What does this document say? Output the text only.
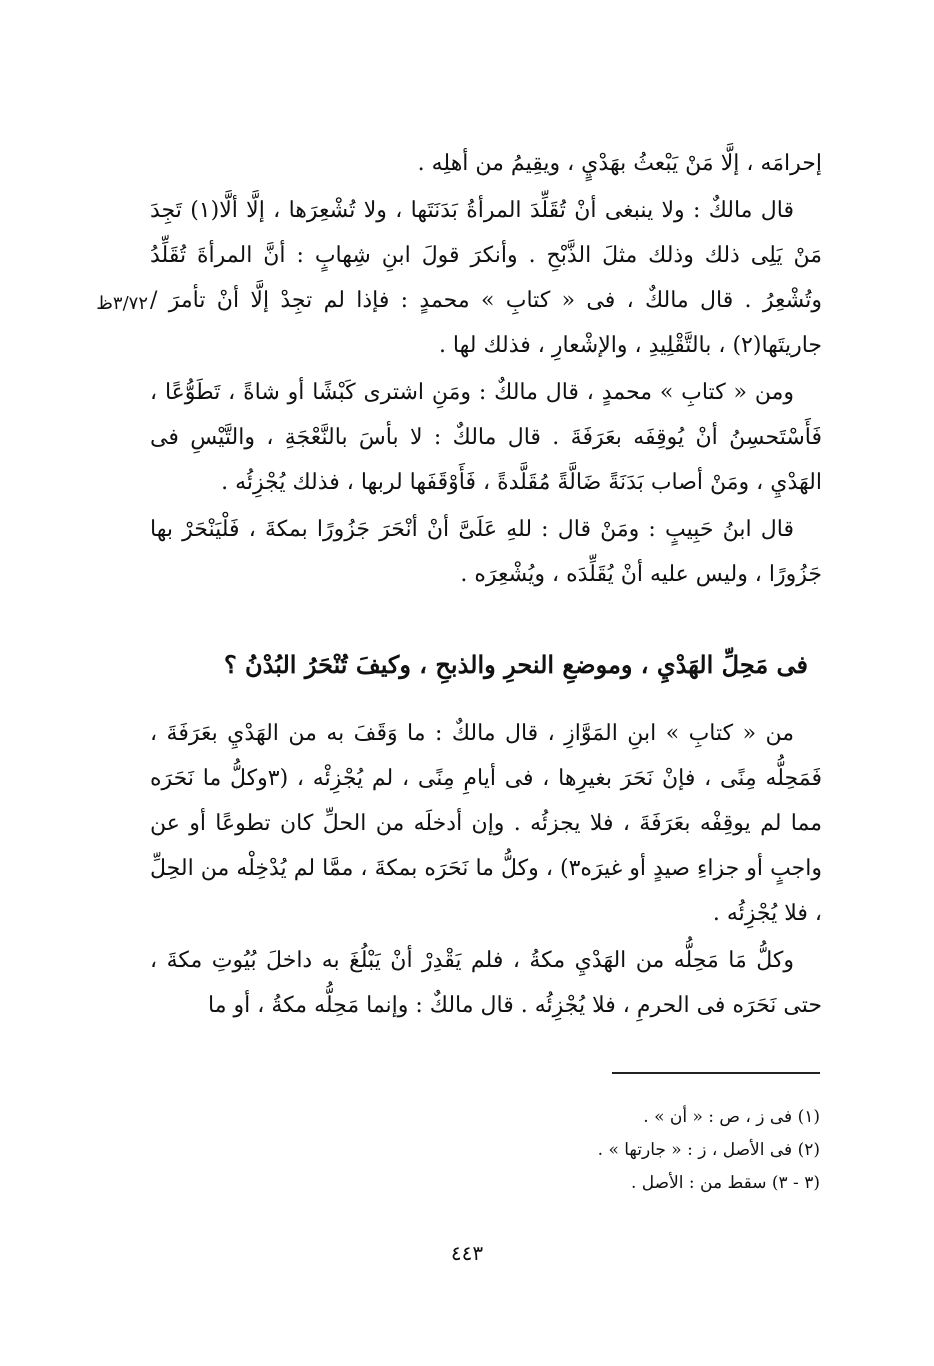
٣/٧٢ظ

إحرامَه ، إلَّا مَنْ يَبْعثُ بهَدْيٍ ، ويقِيمُ من أهلِه .

قال مالكٌ : ولا ينبغى أنْ تُقَلِّدَ المرأةُ بَدَنَتَها ، ولا تُشْعِرَها ، إلَّا ألَّا(١) تَجِدَ مَنْ يَلِى ذلك وذلك مثلَ الذَّبْحِ . وأنكرَ قولَ ابنِ شِهابٍ : أنَّ المرأةَ تُقَلِّدُ وتُشْعِرُ . قال مالكٌ ، فى « كتابِ » محمدٍ : فإذا لم تجِدْ إلَّا أنْ تأمرَ / جاريتَها(٢) ، بالتَّقْلِيدِ ، والإشْعارِ ، فذلك لها .

ومن « كتابِ » محمدٍ ، قال مالكٌ : ومَنِ اشترى كَبْشًا أو شاةً ، تَطَوُّعًا ، فَأَسْتَحسِنُ أنْ يُوقِفَه بعَرَفَةَ . قال مالكٌ : لا بأسَ بالنَّعْجَةِ ، والتَّيْسِ فى الهَدْيِ ، ومَنْ أصاب بَدَنَةً ضَالَّةً مُقَلَّدةً ، فَأَوْقَفَها لربها ، فذلك يُجْزِئُه .

قال ابنُ حَبِيبٍ : ومَنْ قال : للهِ عَلَىَّ أنْ أنْحَرَ جَزُورًا بمكةَ ، فَلْيَنْحَرْ بها جَزُورًا ، وليس عليه أنْ يُقَلِّدَه ، ويُشْعِرَه .

فى مَحِلِّ الهَدْيِ ، وموضعِ النحرِ والذبحِ ، وكيفَ تُنْحَرُ البُدْنُ ؟

من « كتابِ » ابنِ المَوَّازِ ، قال مالكٌ : ما وَقَفَ به من الهَدْيِ بعَرَفَةَ ، فَمَحِلُّه مِنًى ، فإنْ نَحَرَ بغيرِها ، فى أيامِ مِنًى ، لم يُجْزِئْه ، (٣وكلُّ ما نَحَرَه مما لم يوقِفْه بعَرَفَةَ ، فلا يجزئُه . وإن أدخلَه من الحلِّ كان تطوعًا أو عن واجبٍ أو جزاءِ صيدٍ أو غيرَه٣) ، وكلُّ ما نَحَرَه بمكةَ ، ممَّا لم يُدْخِلْه من الحِلِّ ، فلا يُجْزِئُه .

وكلُّ مَا مَحِلُّه من الهَدْيِ مكةُ ، فلم يَقْدِرْ أنْ يَبْلُغَ به داخلَ بُيُوتِ مكةَ ، حتى نَحَرَه فى الحرمِ ، فلا يُجْزِئُه . قال مالكٌ : وإنما مَحِلُّه مكةُ ، أو ما

(١) فى ز ، ص : « أن » .

(٢) فى الأصل ، ز : « جارتها » .

(٣ - ٣) سقط من : الأصل .

٤٤٣
